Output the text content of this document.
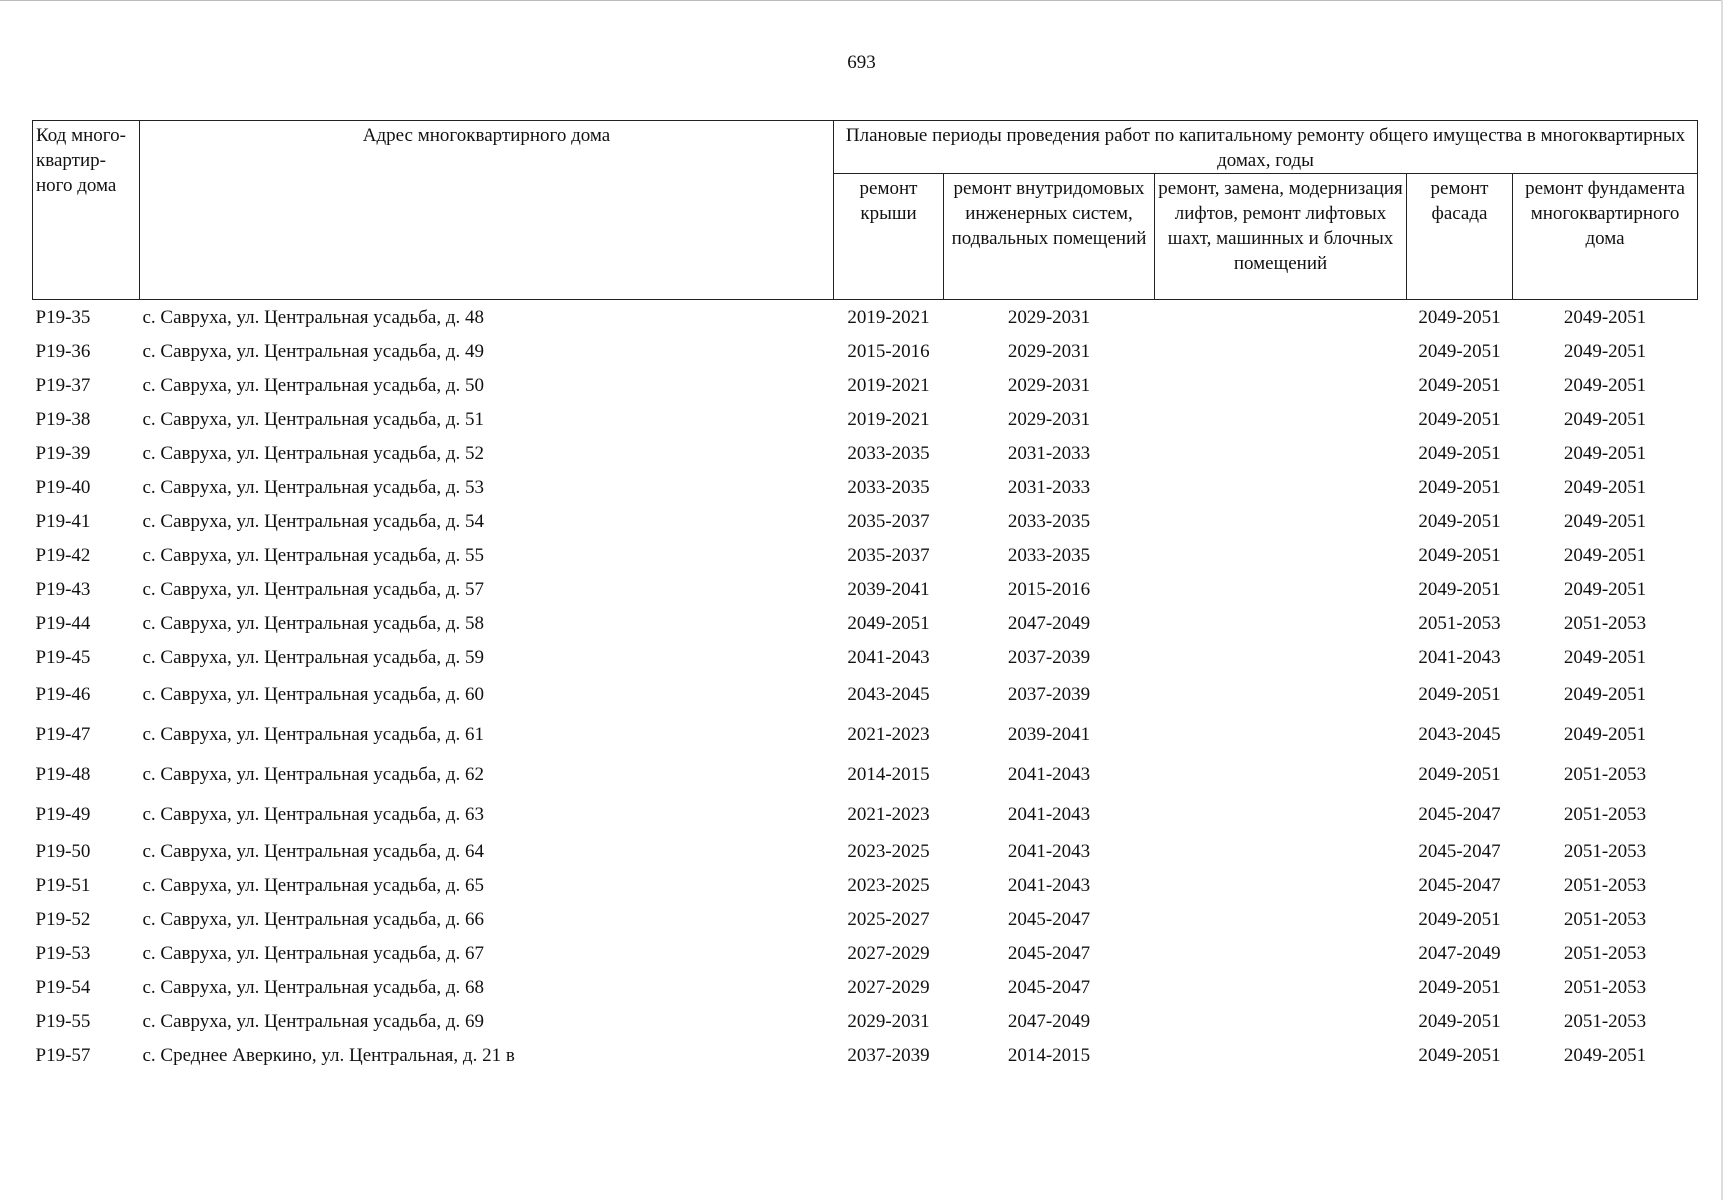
693
Код много-квартир-ного дома	Адрес многоквартирного дома	Плановые периоды проведения работ по капитальному ремонту общего имущества в многоквартирных домах, годы				
		ремонт крыши	ремонт внутридомовых инженерных систем, подвальных помещений	ремонт, замена, модернизация лифтов, ремонт лифтовых шахт, машинных и блочных помещений	ремонт фасада	ремонт фундамента многоквартирного дома
Р19-35	с. Савруха, ул. Центральная усадьба, д. 48	2019-2021	2029-2031		2049-2051	2049-2051
Р19-36	с. Савруха, ул. Центральная усадьба, д. 49	2015-2016	2029-2031		2049-2051	2049-2051
Р19-37	с. Савруха, ул. Центральная усадьба, д. 50	2019-2021	2029-2031		2049-2051	2049-2051
Р19-38	с. Савруха, ул. Центральная усадьба, д. 51	2019-2021	2029-2031		2049-2051	2049-2051
Р19-39	с. Савруха, ул. Центральная усадьба, д. 52	2033-2035	2031-2033		2049-2051	2049-2051
Р19-40	с. Савруха, ул. Центральная усадьба, д. 53	2033-2035	2031-2033		2049-2051	2049-2051
Р19-41	с. Савруха, ул. Центральная усадьба, д. 54	2035-2037	2033-2035		2049-2051	2049-2051
Р19-42	с. Савруха, ул. Центральная усадьба, д. 55	2035-2037	2033-2035		2049-2051	2049-2051
Р19-43	с. Савруха, ул. Центральная усадьба, д. 57	2039-2041	2015-2016		2049-2051	2049-2051
Р19-44	с. Савруха, ул. Центральная усадьба, д. 58	2049-2051	2047-2049		2051-2053	2051-2053
Р19-45	с. Савруха, ул. Центральная усадьба, д. 59	2041-2043	2037-2039		2041-2043	2049-2051
Р19-46	с. Савруха, ул. Центральная усадьба, д. 60	2043-2045	2037-2039		2049-2051	2049-2051
Р19-47	с. Савруха, ул. Центральная усадьба, д. 61	2021-2023	2039-2041		2043-2045	2049-2051
Р19-48	с. Савруха, ул. Центральная усадьба, д. 62	2014-2015	2041-2043		2049-2051	2051-2053
Р19-49	с. Савруха, ул. Центральная усадьба, д. 63	2021-2023	2041-2043		2045-2047	2051-2053
Р19-50	с. Савруха, ул. Центральная усадьба, д. 64	2023-2025	2041-2043		2045-2047	2051-2053
Р19-51	с. Савруха, ул. Центральная усадьба, д. 65	2023-2025	2041-2043		2045-2047	2051-2053
Р19-52	с. Савруха, ул. Центральная усадьба, д. 66	2025-2027	2045-2047		2049-2051	2051-2053
Р19-53	с. Савруха, ул. Центральная усадьба, д. 67	2027-2029	2045-2047		2047-2049	2051-2053
Р19-54	с. Савруха, ул. Центральная усадьба, д. 68	2027-2029	2045-2047		2049-2051	2051-2053
Р19-55	с. Савруха, ул. Центральная усадьба, д. 69	2029-2031	2047-2049		2049-2051	2051-2053
Р19-57	с. Среднее Аверкино, ул. Центральная, д. 21 в	2037-2039	2014-2015		2049-2051	2049-2051
